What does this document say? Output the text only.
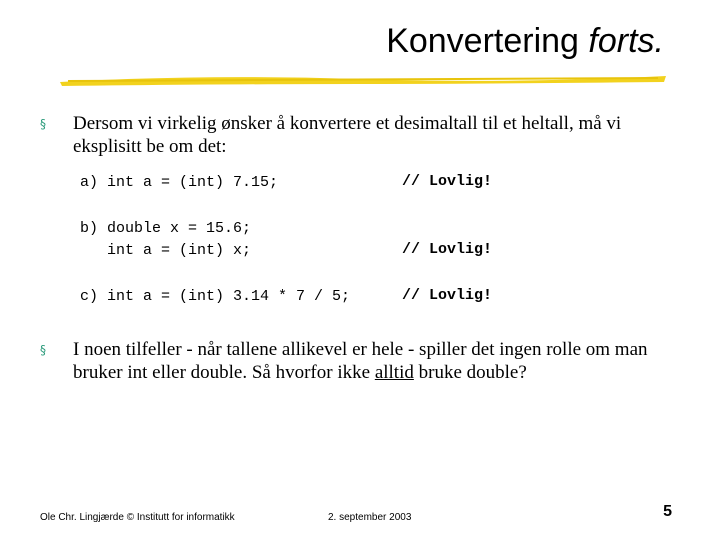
Konvertering forts.
§ Dersom vi virkelig ønsker å konvertere et desimaltall til et heltall, må vi eksplisitt be om det:
a) int a = (int) 7.15;	// Lovlig!
b) double x = 15.6;
int a = (int) x;	// Lovlig!
c) int a = (int) 3.14 * 7 / 5;	// Lovlig!
§ I noen tilfeller - når tallene allikevel er hele - spiller det ingen rolle om man bruker int eller double. Så hvorfor ikke alltid bruke double?
Ole Chr. Lingjærde © Institutt for informatikk	2. september 2003	5
